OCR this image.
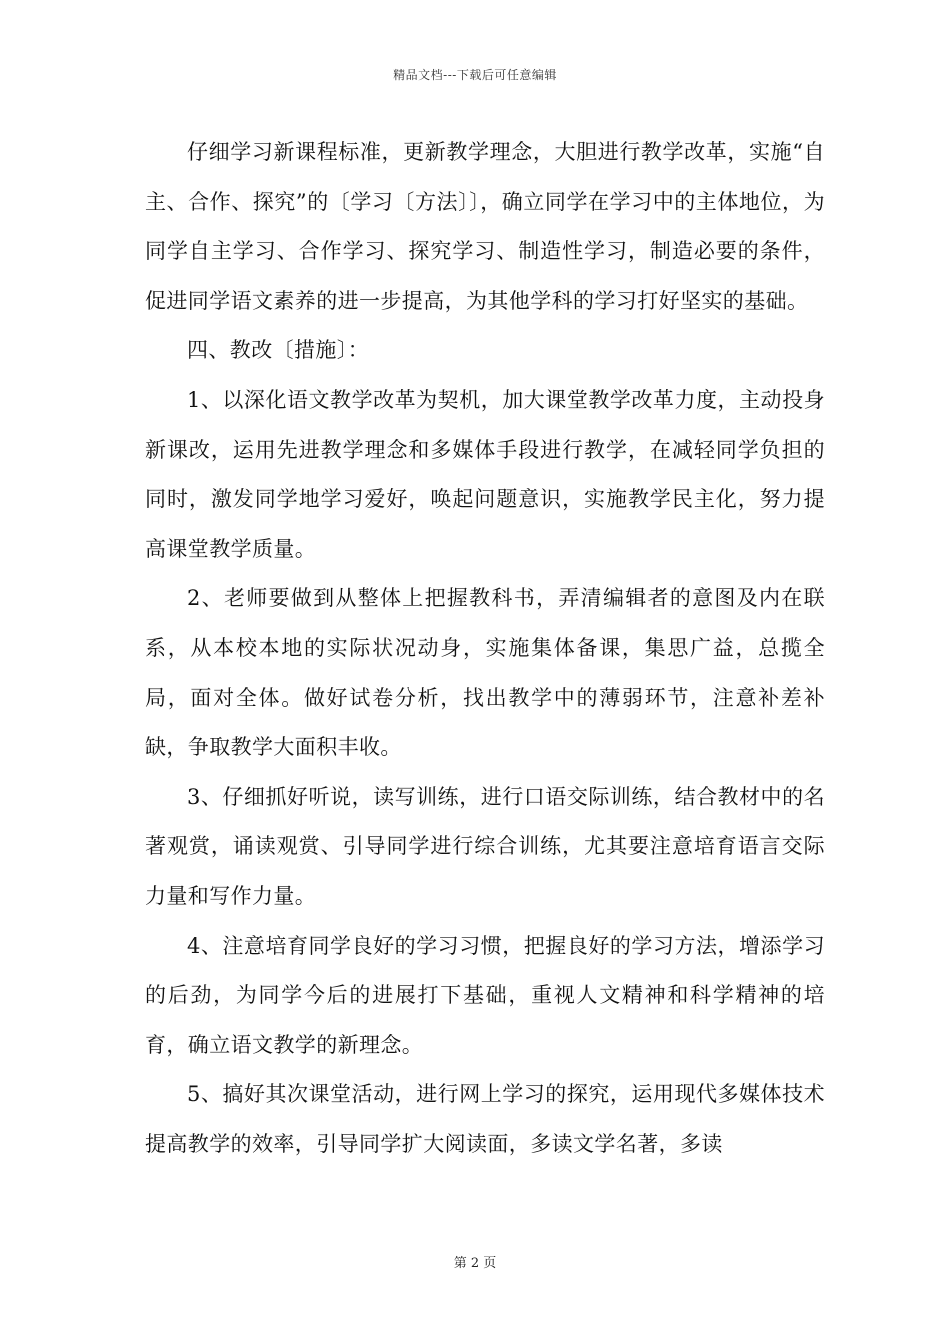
精品文档---下载后可任意编辑

仔细学习新课程标准，更新教学理念，大胆进行教学改革，实施“自主、合作、探究”的〔学习〔方法〕〕，确立同学在学习中的主体地位，为同学自主学习、合作学习、探究学习、制造性学习，制造必要的条件，促进同学语文素养的进一步提高，为其他学科的学习打好坚实的基础。

四、教改〔措施〕：

1、以深化语文教学改革为契机，加大课堂教学改革力度，主动投身新课改，运用先进教学理念和多媒体手段进行教学，在减轻同学负担的同时，激发同学地学习爱好，唤起问题意识，实施教学民主化，努力提高课堂教学质量。

2、老师要做到从整体上把握教科书，弄清编辑者的意图及内在联系，从本校本地的实际状况动身，实施集体备课，集思广益，总揽全局，面对全体。做好试卷分析，找出教学中的薄弱环节，注意补差补缺，争取教学大面积丰收。

3、仔细抓好听说，读写训练，进行口语交际训练，结合教材中的名著观赏，诵读观赏、引导同学进行综合训练，尤其要注意培育语言交际力量和写作力量。

4、注意培育同学良好的学习习惯，把握良好的学习方法，增添学习的后劲，为同学今后的进展打下基础，重视人文精神和科学精神的培育，确立语文教学的新理念。

5、搞好其次课堂活动，进行网上学习的探究，运用现代多媒体技术提高教学的效率，引导同学扩大阅读面，多读文学名著，多读

第 2 页
